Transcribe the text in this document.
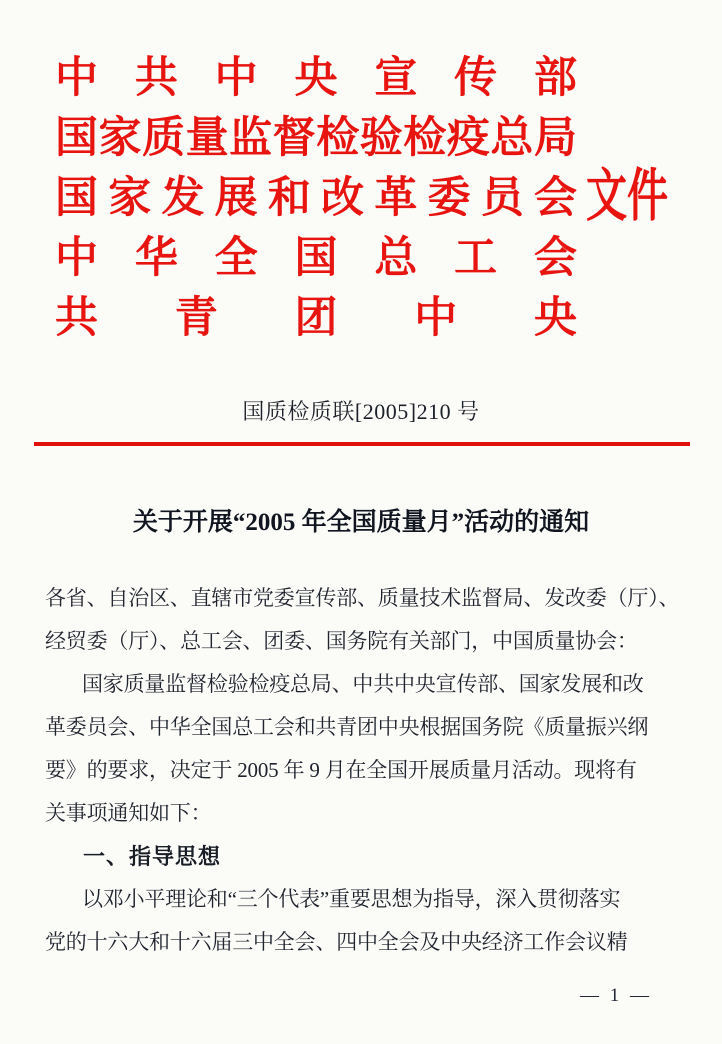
中 共 中 央 宣 传 部
国 家 质 量 监 督 检 验 检 疫 总 局
国 家 发 展 和 改 革 委 员 会
中 华 全 国 总 工 会
共 青 团 中 央
文件
国质检质联[2005]210 号
关于开展“2005 年全国质量月”活动的通知
各省、自治区、直辖市党委宣传部、质量技术监督局、发改委（厅）、
经贸委（厅）、总工会、团委、国务院有关部门，中国质量协会：
国家质量监督检验检疫总局、中共中央宣传部、国家发展和改
革委员会、中华全国总工会和共青团中央根据国务院《质量振兴纲
要》的要求，决定于 2005 年 9 月在全国开展质量月活动。现将有
关事项通知如下：
一、指导思想
以邓小平理论和“三个代表”重要思想为指导，深入贯彻落实
党的十六大和十六届三中全会、四中全会及中央经济工作会议精
— 1 —
